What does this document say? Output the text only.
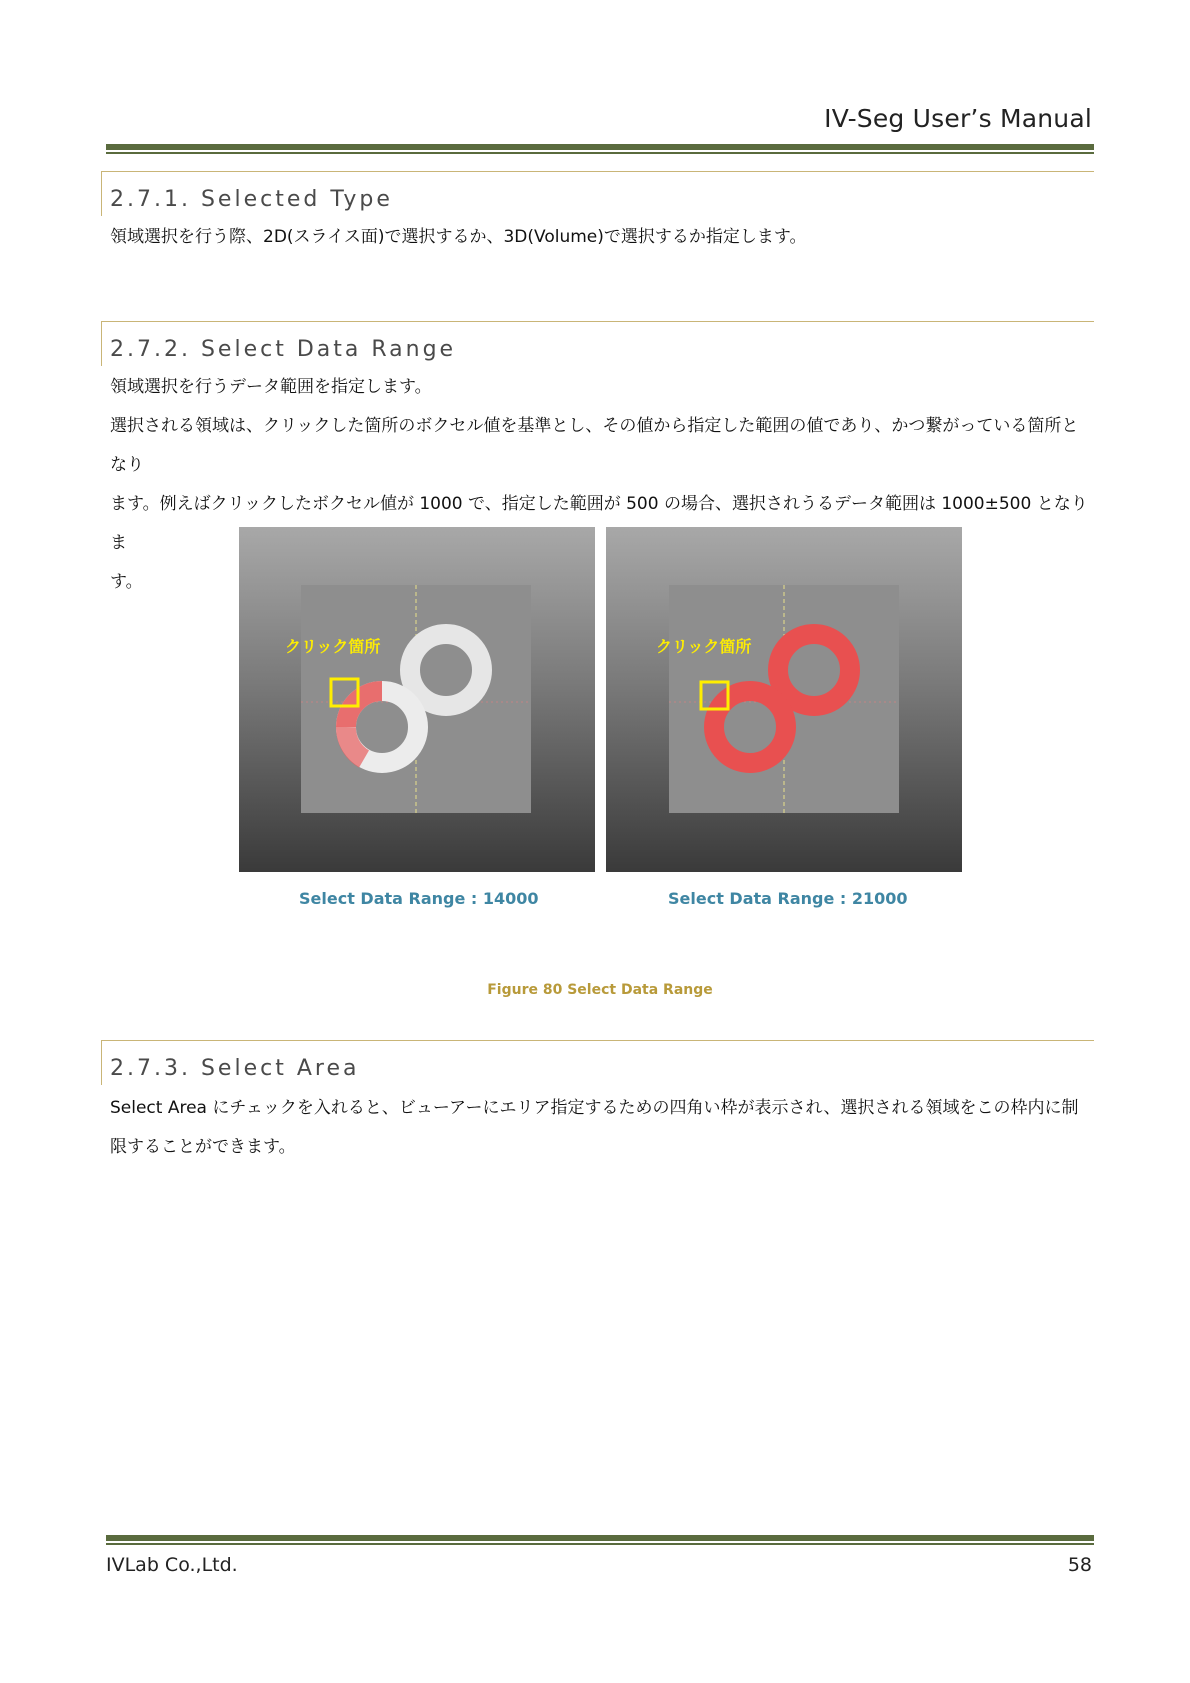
IV-Seg User’s Manual
2.7.1. Selected Type
領域選択を行う際、2D(スライス面)で選択するか、3D(Volume)で選択するか指定します。
2.7.2. Select Data Range
領域選択を行うデータ範囲を指定します。
選択される領域は、クリックした箇所のボクセル値を基準とし、その値から指定した範囲の値であり、かつ繋がっている箇所となり
ます。例えばクリックしたボクセル値が 1000 で、指定した範囲が 500 の場合、選択されうるデータ範囲は 1000±500 となりま
す。
クリック箇所	クリック箇所
Select Data Range : 14000	Select Data Range : 21000
Figure 80 Select Data Range
2.7.3. Select Area
Select Area にチェックを入れると、ビューアーにエリア指定するための四角い枠が表示され、選択される領域をこの枠内に制
限することができます。
IVLab Co.,Ltd.	58
